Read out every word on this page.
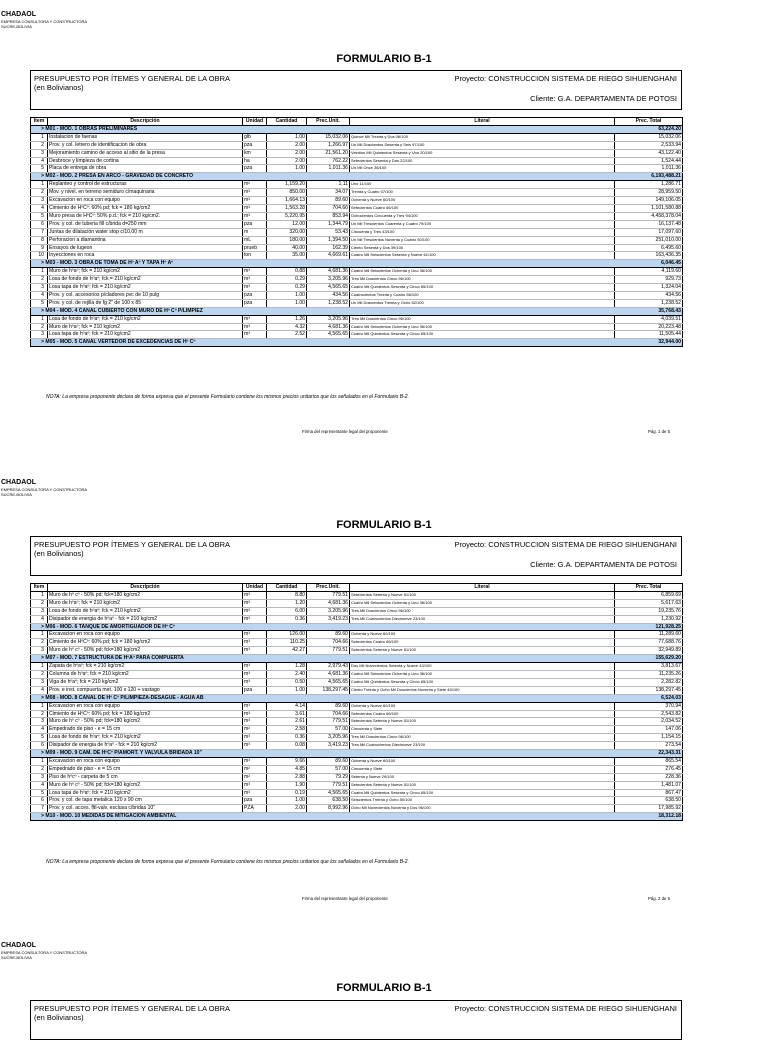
CHADAOL
EMPRESA CONSULTORA Y CONSTRUCTORA
SUCRE-BOLIVIA
FORMULARIO B-1
PRESUPUESTO POR ÍTEMES Y GENERAL DE LA OBRA
(en Bolivianos)
Proyecto: CONSTRUCCION SISTEMA DE RIEGO SIHUENGHANI
Cliente: G.A. DEPARTAMENTA DE POTOSI
Item	Descripción	Unidad	Cantidad	Prec.Unit.	Literal	Prec. Total
> M01 - MOD. 1 OBRAS PRELIMINARES						63,224.20
1	Instalacion de faenas	glb	1.00	15,032.06	Quince Mil Treinta y Dos 06/100	15,032.06
2	Prov. y col. letrero de identificacion de obra	pza	2.00	1,266.97	Un Mil Doscientos Sesenta y Seis 97/100	2,533.94
3	Mejoramiento camino de acceso al sitio de la presa	km	2.00	21,561.20	Veintiun Mil Quinientos Sesenta y Uno 20/100	43,122.40
4	Desbroce y limpieza de cortina	ha	2.00	762.22	Setecientos Sesenta y Dos 22/100	1,524.44
5	Placa de entrega de obra	pza	1.00	1,011.36	Un Mil Once 36/100	1,011.36
> M02 - MOD. 2 PRESA EN ARCO - GRAVEDAD DE CONCRETO						6,193,488.21
1	Replanteo y control de estructuras	m²	1,159.20	1.11	Uno 11/100	1,286.71
2	Mov. y nivel. en terreno semiduro c/maquinaria	m³	850.00	34.07	Treinta y Cuatro 07/100	28,959.50
3	Excavacion en roca con equipo	m³	1,664.13	89.60	Ochenta y Nueve 60/100	149,106.05
4	Cimiento de HºCº: 60% pd; fck = 180 kg/cm2	m³	1,563.28	704.66	Setecientos Cuatro 66/100	1,101,580.88
5	Muro presa de HºCº: 50% p.d.; fck = 210 kg/cm2.	m³	5,220.95	853.94	Ochocientos Cincuenta y Tres 94/100	4,458,378.04
6	Prov. y col. de tuberia fill c/brida d=250 mm	pza	12.00	1,344.79	Un Mil Trescientos Cuarenta y Cuatro 79/100	16,137.48
7	Juntas de dilatación water stop c/10,00 m	m	320.00	53.43	Cincuenta y Tres 43/100	17,097.60
8	Perforacion a diamantina	mL	180.00	1,394.50	Un Mil Trescientos Noventa y Cuatro 50/100	251,010.00
9	Ensayos de lugeon	prueb	40.00	162.39	Ciento Sesenta y Dos 39/100	6,495.60
10	Inyecciones en roca	ton	35.00	4,669.61	Cuatro Mil Seiscientos Sesenta y Nueve 61/100	163,436.35
> M03 - MOD. 3 OBRA DE TOMA DE Hº Aº Y TAPA Hº Aº						6,046.45
1	Muro de hºaº; fck = 210 kg/cm2	m³	0.88	4,681.36	Cuatro Mil Seiscientos Ochenta y Uno 36/100	4,119.60
2	Losa de fondo de hºaº; fck = 210 kg/cm2	m³	0.29	3,205.96	Tres Mil Doscientos Cinco 96/100	929.73
3	Losa tapa de hºaº; fck = 210 kg/cm2	m³	0.29	4,565.65	Cuatro Mil Quinientos Sesenta y Cinco 65/100	1,324.04
4	Prov. y col. accesorios p/cladores pvc de 10 pulg	pza	1.00	434.56	Cuatrocientos Treinta y Cuatro 56/100	434.56
5	Prov. y col. de rejilla de fg 2" de 100 x 85	pza	1.00	1,238.52	Un Mil Doscientos Treinta y Ocho 52/100	1,238.52
> M04 - MOD. 4 CANAL CUBIERTO CON MURO DE Hº Cº P/LIMPIEZ						35,768.43
1	Losa de fondo de hºaº; fck = 210 kg/cm2	m³	1.26	3,205.96	Tres Mil Doscientos Cinco 96/100	4,039.51
2	Muro de hºaº; fck = 210 kg/cm2	m³	4.32	4,681.36	Cuatro Mil Seiscientos Ochenta y Uno 36/100	20,223.48
3	Losa tapa de hºaº; fck = 210 kg/cm2	m³	2.52	4,565.65	Cuatro Mil Quinientos Sesenta y Cinco 65/100	11,505.44
> M05 - MOD. 5 CANAL VERTEDOR DE EXCEDENCIAS DE Hº Cº						32,944.00
NOTA: La empresa proponente declara de forma expresa que el presente Formulario contiene los mismos precios unitarios que los señalados en el Formulario B-2.
Firma del representante legal del proponente	Pág. 1 de 5
CHADAOL
EMPRESA CONSULTORA Y CONSTRUCTORA
SUCRE-BOLIVIA
FORMULARIO B-1
PRESUPUESTO POR ÍTEMES Y GENERAL DE LA OBRA
(en Bolivianos)
Proyecto: CONSTRUCCION SISTEMA DE RIEGO SIHUENGHANI
Cliente: G.A. DEPARTAMENTA DE POTOSI
Item	Descripción	Unidad	Cantidad	Prec.Unit.	Literal	Prec. Total
1	Muro de hº cº - 50% pd; fck=180 kg/cm2	m³	8.80	779.51	Setecientos Setenta y Nueve 51/100	6,859.69
2	Muro de hºaº; fck = 210 kg/cm2	m³	1.20	4,681.36	Cuatro Mil Seiscientos Ochenta y Uno 36/100	5,617.63
3	Losa de fondo de hºaº; fck = 210 kg/cm2	m³	6.00	3,205.96	Tres Mil Doscientos Cinco 96/100	19,235.76
4	Disipador de energia de hºaº - fck = 210 kg/cm2	m³	0.36	3,419.23	Tres Mil Cuatrocientos Diecinueve 23/100	1,230.92
> M06 - MOD. 6 TANQUE DE AMORTIGUADOR DE Hº Cº						121,928.25
1	Excavacion en roca con equipo	m³	126.00	89.60	Ochenta y Nueve 60/100	11,289.60
2	Cimiento de HºCº: 60% pd; fck = 180 kg/cm2	m³	110.25	704.66	Setecientos Cuatro 66/100	77,688.76
3	Muro de hº cº - 50% pd; fck=180 kg/cm2	m³	42.27	779.51	Setecientos Setenta y Nueve 51/100	32,949.89
> M07 - MOD. 7 ESTRUCTURA DE HºAº PARA COMPUERTA						155,629.20
1	Zapata de hºaº; fck = 210 kg/cm2	m³	1.28	2,979.43	Dos Mil Novecientos Setenta y Nueve 43/100	3,813.67
2	Columna de hºaº; fck = 210 kg/cm2	m³	2.40	4,681.36	Cuatro Mil Seiscientos Ochenta y Uno 36/100	11,235.26
3	Viga de hºaº; fck = 210 kg/cm2	m³	0.50	4,565.65	Cuatro Mil Quinientos Sesenta y Cinco 65/100	2,282.82
4	Prov. e inst. compuerta met. 100 x 120 + vastago	pza	1.00	138,297.45	Ciento Treinta y Ocho Mil Doscientos Noventa y Siete 45/100	138,297.45
> M08 - MOD. 8 CANAL DE Hº Cº P/LIMPIEZA-DESAGUE - AGUA AB						6,524.03
1	Excavacion en roca con equipo	m³	4.14	89.60	Ochenta y Nueve 60/100	370.94
2	Cimiento de HºCº: 60% pd; fck = 180 kg/cm2	m³	3.61	704.66	Setecientos Cuatro 66/100	2,543.82
3	Muro de hº cº - 50% pd; fck=180 kg/cm2	m³	2.61	779.51	Setecientos Setenta y Nueve 51/100	2,034.52
4	Empedrado de piso - e = 15 cm	m²	2.58	57.00	Cincuenta y Siete	147.06
5	Losa de fondo de hºaº; fck = 210 kg/cm2	m³	0.36	3,205.96	Tres Mil Doscientos Cinco 96/100	1,154.15
6	Disipador de energia de hºaº - fck = 210 kg/cm2	m³	0.08	3,419.23	Tres Mil Cuatrocientos Diecinueve 23/100	273.54
> M09 - MOD. 9 CAM. DE HºCº P/AMORT. Y VALVULA BRIDADA 10"						22,343.31
1	Excavacion en roca con equipo	m³	9.66	89.60	Ochenta y Nueve 60/100	865.54
2	Empedrado de piso - e = 15 cm	m²	4.85	57.00	Cincuenta y Siete	276.45
3	Piso de hºcº - carpeta de 5 cm	m²	2.88	79.29	Setenta y Nueve 29/100	228.36
4	Muro de hº cº - 50% pd; fck=180 kg/cm2	m³	1.90	779.51	Setecientos Setenta y Nueve 51/100	1,481.07
5	Losa tapa de hºaº; fck = 210 kg/cm2	m³	0.19	4,565.65	Cuatro Mil Quinientos Sesenta y Cinco 65/100	867.47
6	Prov. y col. de tapa metalica 120 x 90 cm	pza	1.00	638.50	Seiscientos Treinta y Ocho 50/100	638.50
7	Prov. y col. acces. fltl-valv. esclusa c/bridas 10"	PZA	2.00	8,992.96	Ocho Mil Novecientos Noventa y Dos 96/100	17,985.92
> M10 - MOD. 10 MEDIDAS DE MITIGACION AMBIENTAL						18,312.18
NOTA: La empresa proponente declara de forma expresa que el presente Formulario contiene los mismos precios unitarios que los señalados en el Formulario B-2.
Firma del representante legal del proponente	Pág. 2 de 5
CHADAOL
EMPRESA CONSULTORA Y CONSTRUCTORA
SUCRE-BOLIVIA
FORMULARIO B-1
PRESUPUESTO POR ÍTEMES Y GENERAL DE LA OBRA
(en Bolivianos)
Proyecto: CONSTRUCCION SISTEMA DE RIEGO SIHUENGHANI
